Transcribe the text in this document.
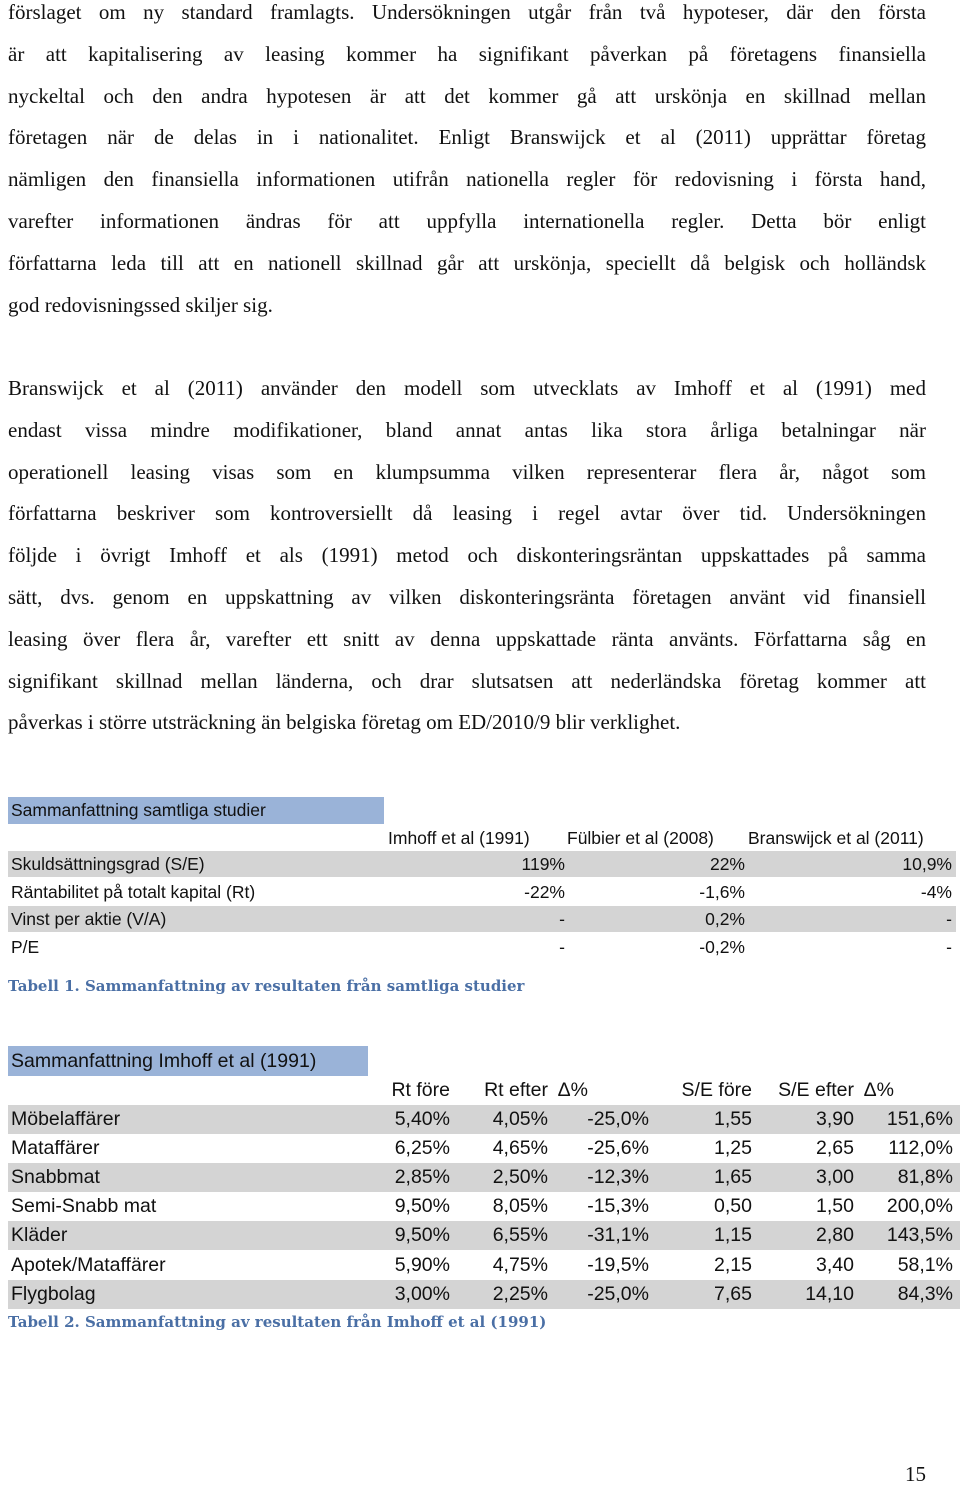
förslaget om ny standard framlagts. Undersökningen utgår från två hypoteser, där den första
är att kapitalisering av leasing kommer ha signifikant påverkan på företagens finansiella
nyckeltal och den andra hypotesen är att det kommer gå att urskönja en skillnad mellan
företagen när de delas in i nationalitet. Enligt Branswijck et al (2011) upprättar företag
nämligen den finansiella informationen utifrån nationella regler för redovisning i första hand,
varefter informationen ändras för att uppfylla internationella regler. Detta bör enligt
författarna leda till att en nationell skillnad går att urskönja, speciellt då belgisk och holländsk
god redovisningssed skiljer sig.
Branswijck et al (2011) använder den modell som utvecklats av Imhoff et al (1991) med
endast vissa mindre modifikationer, bland annat antas lika stora årliga betalningar när
operationell leasing visas som en klumpsumma vilken representerar flera år, något som
författarna beskriver som kontroversiellt då leasing i regel avtar över tid. Undersökningen
följde i övrigt Imhoff et als (1991) metod och diskonteringsräntan uppskattades på samma
sätt, dvs. genom en uppskattning av vilken diskonteringsränta företagen använt vid finansiell
leasing över flera år, varefter ett snitt av denna uppskattade ränta använts. Författarna såg en
signifikant skillnad mellan länderna, och drar slutsatsen att nederländska företag kommer att
påverkas i större utsträckning än belgiska företag om ED/2010/9 blir verklighet.
Sammanfattning samtliga studier
Imhoff et al (1991) Fülbier et al (2008) Branswijck et al (2011)
Skuldsättningsgrad (S/E)	119%	22%	10,9%
Räntabilitet på totalt kapital (Rt)	-22%	-1,6%	-4%
Vinst per aktie (V/A)	-	0,2%	-
P/E	-	-0,2%	-
Tabell 1. Sammanfattning av resultaten från samtliga studier
Sammanfattning Imhoff et al (1991)
Rt före Rt efter Δ%	S/E före S/E efter Δ%
Möbelaffärer	5,40% 4,05% -25,0%	1,55	3,90 151,6%
Mataffärer	6,25% 4,65% -25,6%	1,25	2,65 112,0%
Snabbmat	2,85% 2,50% -12,3%	1,65	3,00 81,8%
Semi-Snabb mat	9,50% 8,05% -15,3%	0,50	1,50 200,0%
Kläder	9,50% 6,55% -31,1%	1,15	2,80 143,5%
Apotek/Mataffärer	5,90% 4,75% -19,5%	2,15	3,40 58,1%
Flygbolag	3,00% 2,25% -25,0%	7,65	14,10 84,3%
Tabell 2. Sammanfattning av resultaten från Imhoff et al (1991)
15
